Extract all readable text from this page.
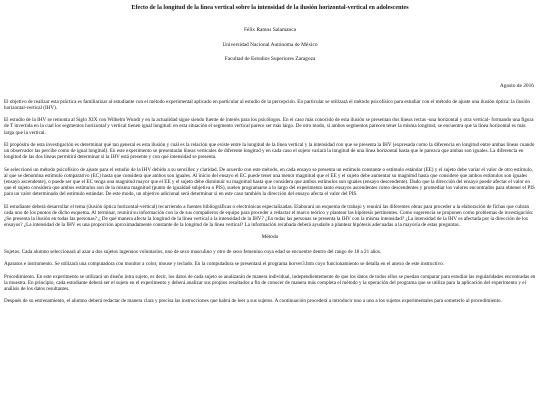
Efecto de la longitud de la línea vertical sobre la intensidad de la ilusión horizontal-vertical en adolescentes
Félix Ramos Salamanca
Universidad Nacional Autónoma de México
Facultad de Estudios Superiores Zaragoza
Agosto de 2016

El objetivo de realizar esta práctica es familiarizar al estudiante con el método experimental aplicado en particular al estudio de la percepción. En particular se utilizará el método psicofísico para estudiar con el método de ajuste una ilusión óptica: la ilusión horizontal-vertical (IHV).

El estudio de la IHV se remonta al Siglo XIX con Wilhelm Wundt y en la actualidad sigue siendo fuente de interés para los psicólogos. En el caso más conocido de esta ilusión se presentan dos líneas rectas -una horizontal y otra vertical- formando una figura de T invertida en la cual los segmentos horizontal y vertical tienen igual longitud: en esta situación el segmento vertical parece ser más largo. De otro modo, si ambos segmentos parecen tener la misma longitud, se encuentra que la línea horizontal es más larga que la vertical.

El propósito de esta investigación es determinar qué tan general es esta ilusión y cuál es la relación que existe entre la longitud de la línea vertical y la intensidad con que se presenta la IHV (expresada como la diferencia en longitud entre ambas líneas cuando un observador las percibe como de igual longitud). En este experimento se presentarán líneas verticales de diferente longitud y en cada caso el sujeto variará la longitud de una línea horizontal hasta que le parezca que ambas son iguales. La diferencia en longitud de las dos líneas permitirá determinar si la IHV está presente y con qué intensidad se presenta.

Se seleccionó un método psicofísico de ajuste para el estudio de la IHV debido a su sencillez y claridad. De acuerdo con este método, en cada ensayo se presenta un estímulo constante o estímulo estándar (EE) y el sujeto debe variar el valor de otro estímulo, al que se denomina estímulo comparativo (EC) hasta que considera que ambos son iguales. Al inicio del ensayo el EC puede tener una menor magnitud que el EE y el sujeto debe aumentar su magnitud hasta que considere que ambos estímulos son iguales (ensayo ascendente), o puede ser que el EC tenga una magnitud mayor que el EE y el sujeto debe disminuir su magnitud hasta que considera que ambos estímulos son iguales (ensayo descendente). Dado que la dirección del ensayo puede afectar el valor en que el sujeto considera que ambos estímulos son de la misma magnitud (punto de igualdad subjetiva o PIS), suelen programarse a lo largo del experimento tanto ensayos ascendentes como descendentes y promediar los valores encontrados para obtener el PIS para un valor determinado del estímulo estándar. De este modo, un objetivo adicional será determinar si en este caso también la dirección del ensayo afecta el valor del PIS.

El estudiante deberá desarrollar el tema (ilusión óptica horizontal-vertical) recurriendo a fuentes bibliográficas o electrónicas especializadas. Elaborará un esquema de trabajo y reunirá las diferentes obras para proceder a la elaboración de fichas que cubran cada uno de los puntos de dicho esquema. Al terminar, reunirá su información con la de sus compañeros de equipo para proceder a redactar el marco teórico y plantear las hipótesis pertinentes. Como sugerencia se proponen como problemas de investigación: ¿Se presenta la ilusión en todas las personas? ¿ De qué manera afecta la longitud de la línea vertical a la intensidad de la IHV? ¿En todas las personas se presenta la IHV con la misma intensidad? ¿La intensidad de la IHV es afectada por la dirección de los ensayos? ¿La intensidad de la IHV es una proporción aproximadamente constante de la longitud de la línea vertical? La información recabada deberá ayudarle a plantear hipótesis adecuadas a la mayoría de estas preguntas.

Método

Sujetos. Cada alumno seleccionará al azar a dos sujetos ingenuos voluntarios, uno de sexo masculino y otro de sexo femenino cuya edad se encuentre dentro del rango de 18 a 21 años.

Aparatos e instrumento. Se utilizará una computadora con monitor a color, mouse y teclado. En la computadora se presentará el programa horver3.htm cuyo funcionamiento se detalla en el anexo de este instructivo.

Procedimiento. En este experimento se utilizará un diseño intra sujeto, es decir, los datos de cada sujeto se analizarán de manera individual, independientemente de que los datos de todos ellos se puedan comparar para estudiar las regularidades encontradas en la muestra. En principio, cada estudiante deberá ser el sujeto en el experimento y deberá analizar sus propios resultados a fin de conocer de manera más completa el método y la operación del programa que se utiliza para la aplicación del experimento y el análisis de los datos resultantes.

Después de su entrenamiento, el alumno deberá redactar de manera clara y precisa las instrucciones que habrá de leer a sus sujetos. A continuación procederá a introducir uno a uno a los sujetos experimentales para someterlo al procedimiento.
